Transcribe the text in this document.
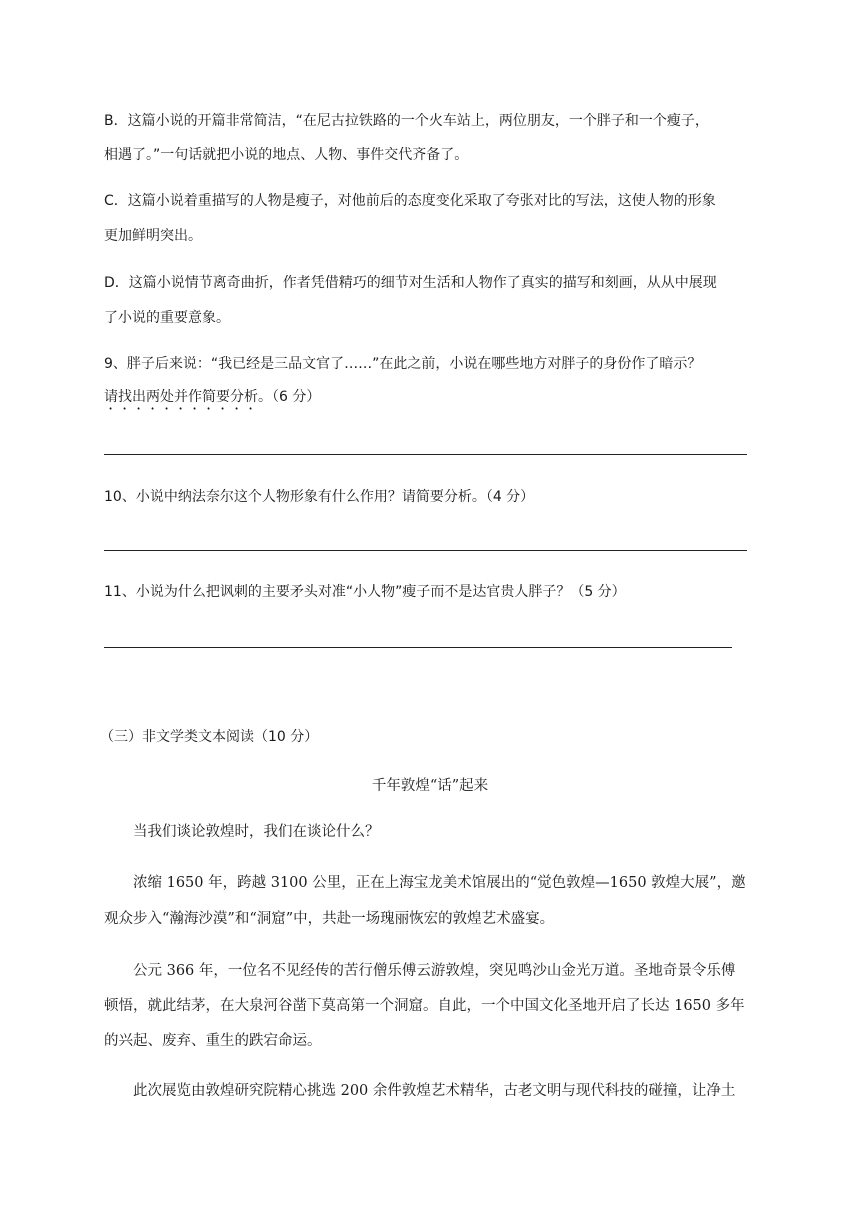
B．这篇小说的开篇非常简洁，“在尼古拉铁路的一个火车站上，两位朋友，一个胖子和一个瘦子，
相遇了。”一句话就把小说的地点、人物、事件交代齐备了。
C．这篇小说着重描写的人物是瘦子，对他前后的态度变化采取了夸张对比的写法，这使人物的形象
更加鲜明突出。
D．这篇小说情节离奇曲折，作者凭借精巧的细节对生活和人物作了真实的描写和刻画，从从中展现
了小说的重要意象。
9、胖子后来说：“我已经是三品文官了……”在此之前，小说在哪些地方对胖子的身份作了暗示？
请找出两处并作简要分析。（6 分）
10、小说中纳法奈尔这个人物形象有什么作用？请简要分析。（4 分）
11、小说为什么把讽刺的主要矛头对准“小人物”瘦子而不是达官贵人胖子？（5 分）
（三）非文学类文本阅读（10 分）
千年敦煌“话”起来
当我们谈论敦煌时，我们在谈论什么？
浓缩 1650 年，跨越 3100 公里，正在上海宝龙美术馆展出的“觉色敦煌—1650 敦煌大展”，邀
观众步入“瀚海沙漠”和“洞窟”中，共赴一场瑰丽恢宏的敦煌艺术盛宴。
公元 366 年，一位名不见经传的苦行僧乐傅云游敦煌，突见鸣沙山金光万道。圣地奇景令乐傅
顿悟，就此结茅，在大泉河谷凿下莫高第一个洞窟。自此，一个中国文化圣地开启了长达 1650 多年
的兴起、废弃、重生的跌宕命运。
此次展览由敦煌研究院精心挑选 200 余件敦煌艺术精华，古老文明与现代科技的碰撞，让净土
